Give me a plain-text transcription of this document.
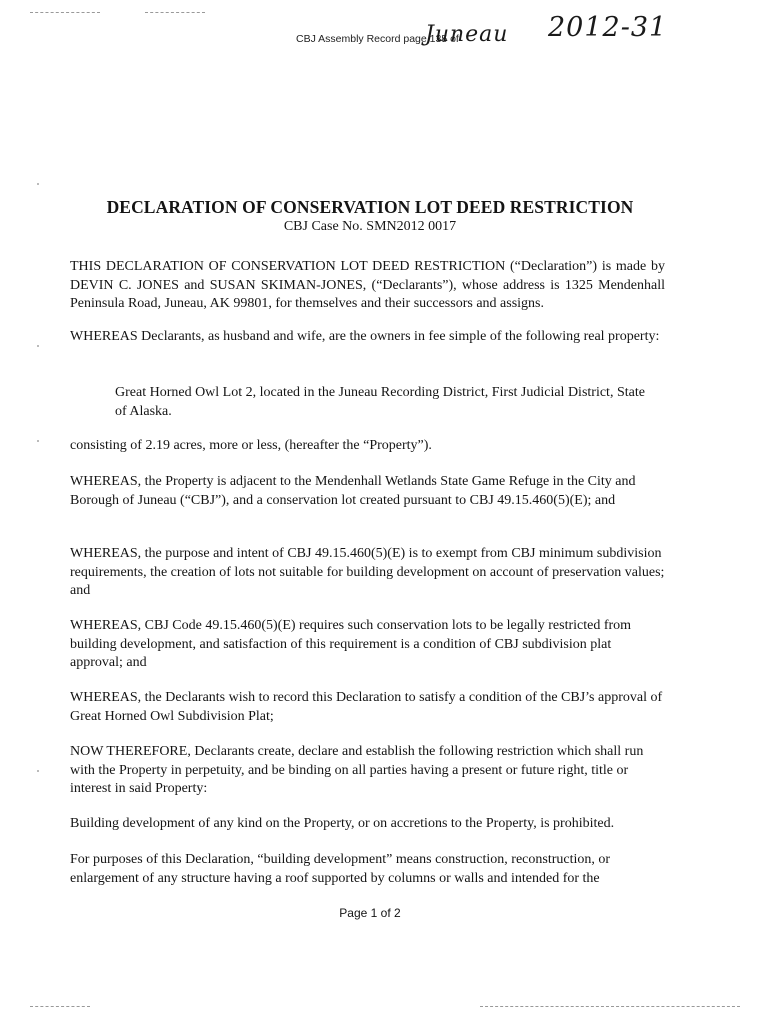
CBJ Assembly Record page 135 of
Juneau 2012-31
DECLARATION OF CONSERVATION LOT DEED RESTRICTION
CBJ Case No. SMN2012 0017

THIS DECLARATION OF CONSERVATION LOT DEED RESTRICTION (“Declaration”) is made by DEVIN C. JONES and SUSAN SKIMAN-JONES, (“Declarants”), whose address is 1325 Mendenhall Peninsula Road, Juneau, AK 99801, for themselves and their successors and assigns.

WHEREAS Declarants, as husband and wife, are the owners in fee simple of the following real property:

Great Horned Owl Lot 2, located in the Juneau Recording District, First Judicial District, State of Alaska.

consisting of 2.19 acres, more or less, (hereafter the “Property”).

WHEREAS, the Property is adjacent to the Mendenhall Wetlands State Game Refuge in the City and Borough of Juneau (“CBJ”), and a conservation lot created pursuant to CBJ 49.15.460(5)(E); and

WHEREAS, the purpose and intent of CBJ 49.15.460(5)(E) is to exempt from CBJ minimum subdivision requirements, the creation of lots not suitable for building development on account of preservation values; and

WHEREAS, CBJ Code 49.15.460(5)(E) requires such conservation lots to be legally restricted from building development, and satisfaction of this requirement is a condition of CBJ subdivision plat approval; and

WHEREAS, the Declarants wish to record this Declaration to satisfy a condition of the CBJ’s approval of Great Horned Owl Subdivision Plat;

NOW THEREFORE, Declarants create, declare and establish the following restriction which shall run with the Property in perpetuity, and be binding on all parties having a present or future right, title or interest in said Property:

Building development of any kind on the Property, or on accretions to the Property, is prohibited.

For purposes of this Declaration, “building development” means construction, reconstruction, or enlargement of any structure having a roof supported by columns or walls and intended for the

Page 1 of 2
